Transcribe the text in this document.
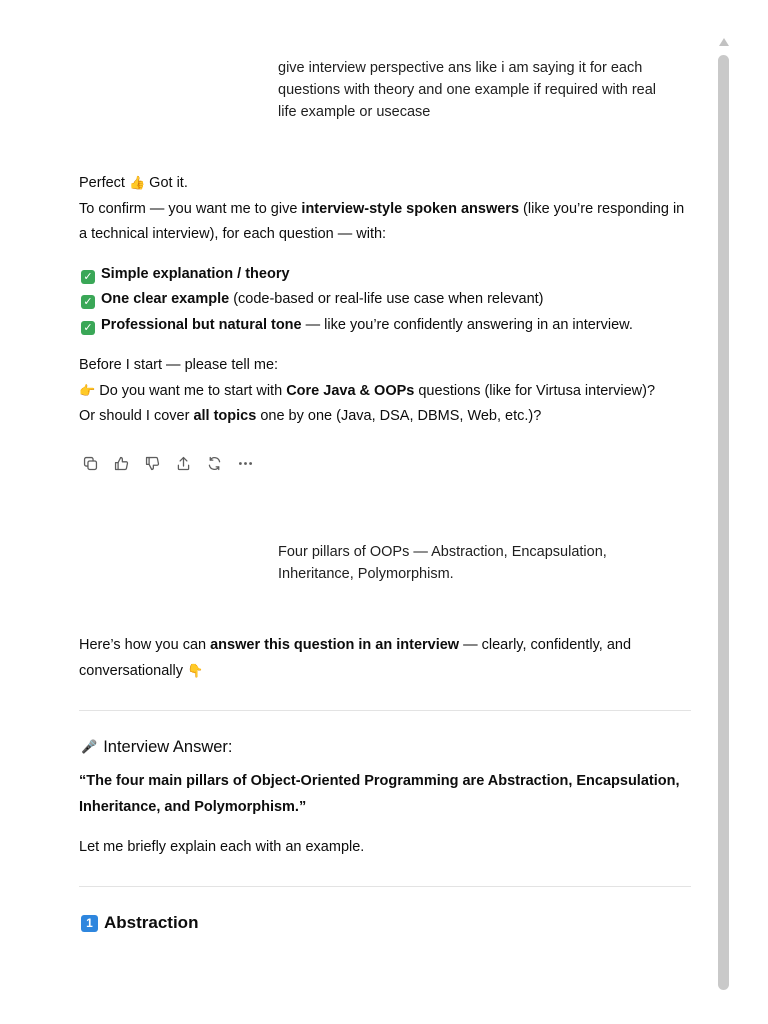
give interview perspective ans like i am saying it for each questions with theory and one example if required with real life example or usecase

Perfect 👍 Got it.

To confirm — you want me to give interview-style spoken answers (like you’re responding in a technical interview), for each question — with:

✓ Simple explanation / theory
✓ One clear example (code-based or real-life use case when relevant)
✓ Professional but natural tone — like you’re confidently answering in an interview.

Before I start — please tell me:

👉 Do you want me to start with Core Java & OOPs questions (like for Virtusa interview)?

Or should I cover all topics one by one (Java, DSA, DBMS, Web, etc.)?

Four pillars of OOPs — Abstraction, Encapsulation, Inheritance, Polymorphism.

Here’s how you can answer this question in an interview — clearly, confidently, and conversationally 👇

🎤 Interview Answer:

“The four main pillars of Object-Oriented Programming are Abstraction, Encapsulation, Inheritance, and Polymorphism.”

Let me briefly explain each with an example.

1 Abstraction
